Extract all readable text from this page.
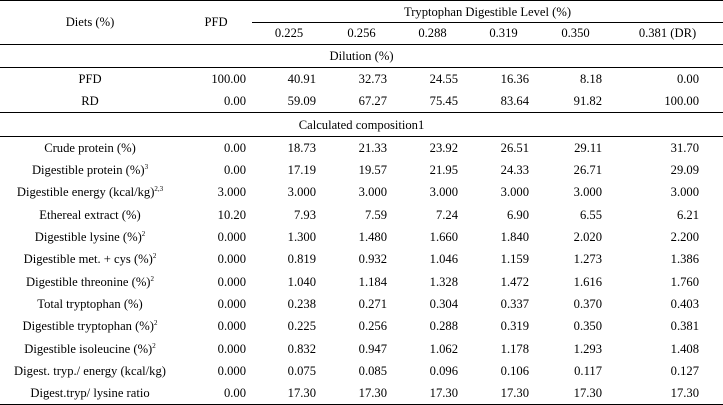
Diets (%)	PFD	Tryptophan Digestible Level (%)					
		0.225	0.256	0.288	0.319	0.350	0.381 (DR)
Dilution (%)							
PFD	100.00	40.91	32.73	24.55	16.36	8.18	0.00
RD	0.00	59.09	67.27	75.45	83.64	91.82	100.00
Calculated composition1							
Crude protein (%)	0.00	18.73	21.33	23.92	26.51	29.11	31.70
Digestible protein (%)$^3$	0.00	17.19	19.57	21.95	24.33	26.71	29.09
Digestible energy (kcal/kg)$^{2,3}$	3.000	3.000	3.000	3.000	3.000	3.000	3.000
Ethereal extract (%)	10.20	7.93	7.59	7.24	6.90	6.55	6.21
Digestible lysine (%)$^2$	0.000	1.300	1.480	1.660	1.840	2.020	2.200
Digestible met. + cys (%)$^2$	0.000	0.819	0.932	1.046	1.159	1.273	1.386
Digestible threonine (%)$^2$	0.000	1.040	1.184	1.328	1.472	1.616	1.760
Total tryptophan (%)	0.000	0.238	0.271	0.304	0.337	0.370	0.403
Digestible tryptophan (%)$^2$	0.000	0.225	0.256	0.288	0.319	0.350	0.381
Digestible isoleucine (%)$^2$	0.000	0.832	0.947	1.062	1.178	1.293	1.408
Digest. tryp./ energy (kcal/kg)	0.000	0.075	0.085	0.096	0.106	0.117	0.127
Digest.tryp/ lysine ratio	0.00	17.30	17.30	17.30	17.30	17.30	17.30
